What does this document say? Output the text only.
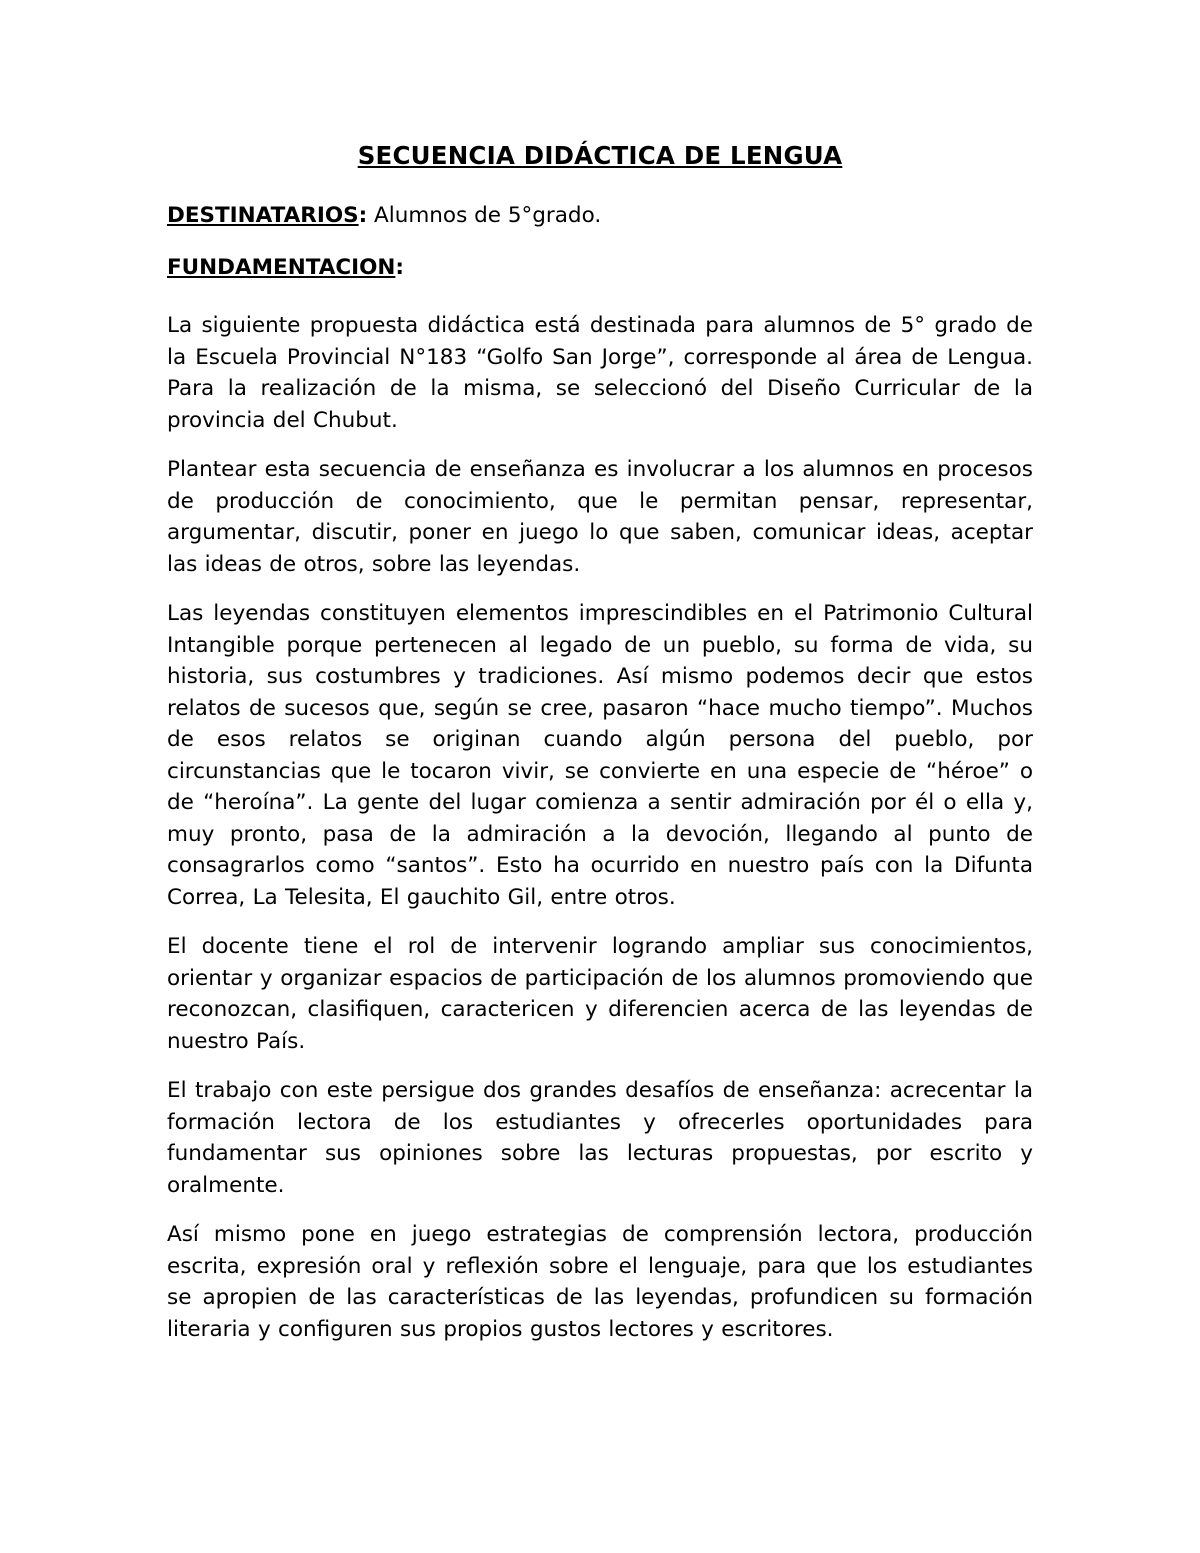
SECUENCIA DIDÁCTICA DE LENGUA

DESTINATARIOS: Alumnos de 5°grado.

FUNDAMENTACION:

La siguiente propuesta didáctica está destinada para alumnos de 5° grado de la Escuela Provincial N°183 “Golfo San Jorge”, corresponde al área de Lengua. Para la realización de la misma, se seleccionó del Diseño Curricular de la provincia del Chubut.

Plantear esta secuencia de enseñanza es involucrar a los alumnos en procesos de producción de conocimiento, que le permitan pensar, representar, argumentar, discutir, poner en juego lo que saben, comunicar ideas, aceptar las ideas de otros, sobre las leyendas.

Las leyendas constituyen elementos imprescindibles en el Patrimonio Cultural Intangible porque pertenecen al legado de un pueblo, su forma de vida, su historia, sus costumbres y tradiciones. Así mismo podemos decir que estos relatos de sucesos que, según se cree, pasaron “hace mucho tiempo”. Muchos de esos relatos se originan cuando algún persona del pueblo, por circunstancias que le tocaron vivir, se convierte en una especie de “héroe” o de “heroína”. La gente del lugar comienza a sentir admiración por él o ella y, muy pronto, pasa de la admiración a la devoción, llegando al punto de consagrarlos como “santos”. Esto ha ocurrido en nuestro país con la Difunta Correa, La Telesita, El gauchito Gil, entre otros.

El docente tiene el rol de intervenir logrando ampliar sus conocimientos, orientar y organizar espacios de participación de los alumnos promoviendo que reconozcan, clasifiquen, caractericen y diferencien acerca de las leyendas de nuestro País.

El trabajo con este persigue dos grandes desafíos de enseñanza: acrecentar la formación lectora de los estudiantes y ofrecerles oportunidades para fundamentar sus opiniones sobre las lecturas propuestas, por escrito y oralmente.

Así mismo pone en juego estrategias de comprensión lectora, producción escrita, expresión oral y reflexión sobre el lenguaje, para que los estudiantes se apropien de las características de las leyendas, profundicen su formación literaria y configuren sus propios gustos lectores y escritores.
